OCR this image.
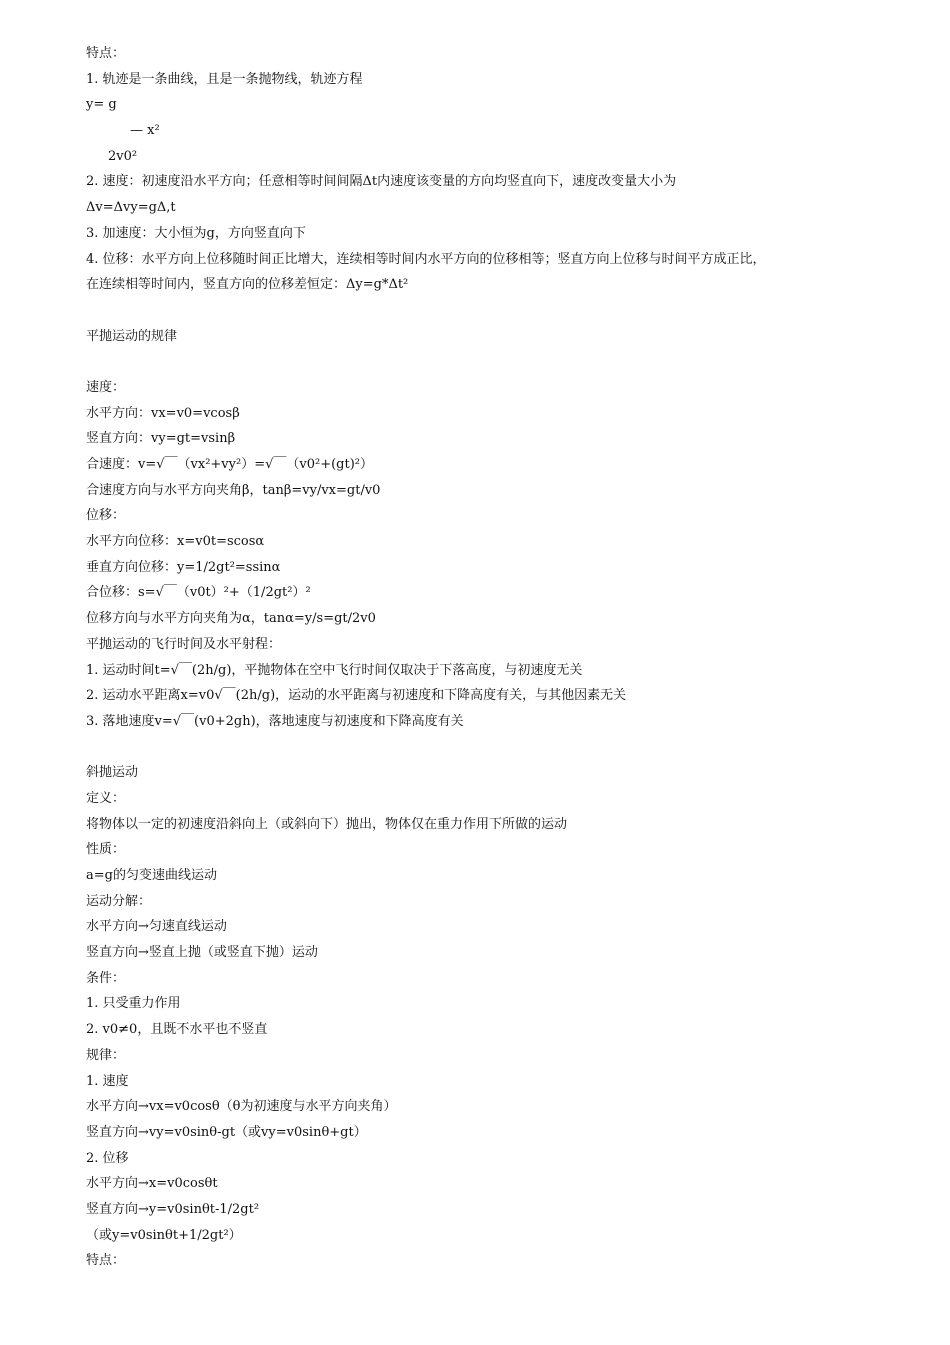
特点：
1. 轨迹是一条曲线，且是一条抛物线，轨迹方程
y= g
— x²
2v0²
2. 速度：初速度沿水平方向；任意相等时间间隔Δt内速度该变量的方向均竖直向下，速度改变量大小为
Δv=Δvy=gΔ,t
3. 加速度：大小恒为g，方向竖直向下
4. 位移：水平方向上位移随时间正比增大，连续相等时间内水平方向的位移相等；竖直方向上位移与时间平方成正比，
在连续相等时间内，竖直方向的位移差恒定：Δy=g*Δt²
平抛运动的规律
速度：
水平方向：vx=v0=vcosβ
竖直方向：vy=gt=vsinβ
合速度：v=√￣（vx²+vy²）=√￣（v0²+(gt)²）
合速度方向与水平方向夹角β，tanβ=vy/vx=gt/v0
位移：
水平方向位移：x=v0t=scosα
垂直方向位移：y=1/2gt²=ssinα
合位移：s=√￣（v0t）²+（1/2gt²）²
位移方向与水平方向夹角为α，tanα=y/s=gt/2v0
平抛运动的飞行时间及水平射程：
1. 运动时间t=√￣(2h/g)，平抛物体在空中飞行时间仅取决于下落高度，与初速度无关
2. 运动水平距离x=v0√￣(2h/g)，运动的水平距离与初速度和下降高度有关，与其他因素无关
3. 落地速度v=√￣(v0+2gh)，落地速度与初速度和下降高度有关
斜抛运动
定义：
将物体以一定的初速度沿斜向上（或斜向下）抛出，物体仅在重力作用下所做的运动
性质：
a=g的匀变速曲线运动
运动分解：
水平方向→匀速直线运动
竖直方向→竖直上抛（或竖直下抛）运动
条件：
1. 只受重力作用
2. v0≠0，且既不水平也不竖直
规律：
1. 速度
水平方向→vx=v0cosθ（θ为初速度与水平方向夹角）
竖直方向→vy=v0sinθ-gt（或vy=v0sinθ+gt）
2. 位移
水平方向→x=v0cosθt
竖直方向→y=v0sinθt-1/2gt²
（或y=v0sinθt+1/2gt²）
特点：
